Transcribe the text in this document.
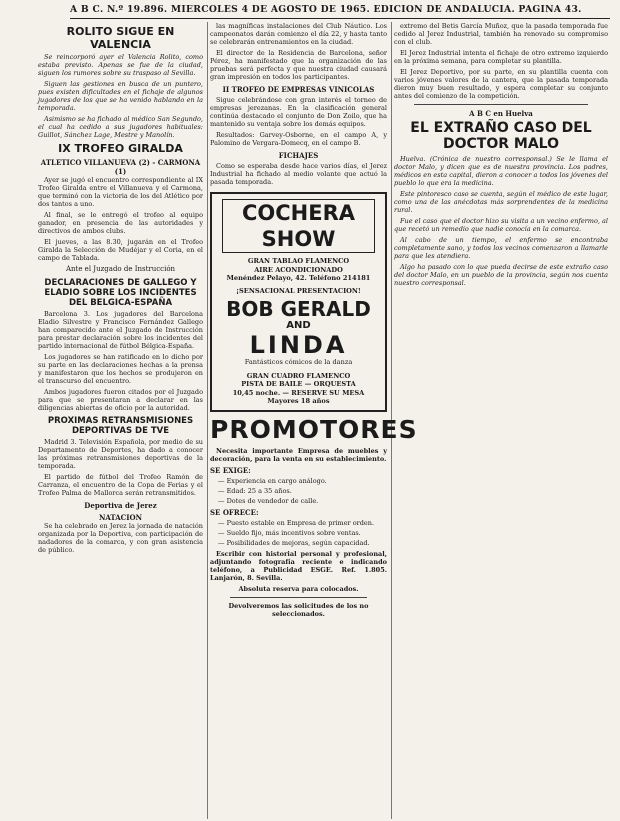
A B C. N.º 19.896. MIERCOLES 4 DE AGOSTO DE 1965. EDICION DE ANDALUCIA. PAGINA 43.
ROLITO SIGUE EN VALENCIA

Se reincorporó ayer el Valencia Rolito, como estaba previsto. Apenas se fue de la ciudad, siguen los rumores sobre su traspaso al Sevilla.

Siguen las gestiones en busca de un puntero, pues existen dificultades en el fichaje de algunos jugadores de los que se ha venido hablando en la temporada.

Asimismo se ha fichado al médico San Segundo, el cual ha cedido a sus jugadores habituales: Guillot, Sánchez Lage, Mestre y Manolín.

IX TROFEO GIRALDA
ATLETICO VILLANUEVA (2) - CARMONA (1)

Ayer se jugó el encuentro correspondiente al IX Trofeo Giralda entre el Villanueva y el Carmona, que terminó con la victoria de los del Atlético por dos tantos a uno.

Al final, se le entregó el trofeo al equipo ganador, en presencia de las autoridades y directivos de ambos clubs.

El jueves, a las 8.30, jugarán en el Trofeo Giralda la Selección de Mudéjar y el Coria, en el campo de Tablada.

Ante el Juzgado de Instrucción
DECLARACIONES DE GALLEGO Y ELADIO SOBRE LOS INCIDENTES DEL BELGICA-ESPAÑA

Barcelona 3. Los jugadores del Barcelona Eladio Silvestre y Francisco Fernández Gallego han comparecido ante el Juzgado de Instrucción para prestar declaración sobre los incidentes del partido internacional de fútbol Bélgica-España.

Los jugadores se han ratificado en lo dicho por su parte en las declaraciones hechas a la prensa y manifestaron que los hechos se produjeron en el transcurso del encuentro.

Ambos jugadores fueron citados por el Juzgado para que se presentaran a declarar en las diligencias abiertas de oficio por la autoridad.

PROXIMAS RETRANSMISIONES DEPORTIVAS DE TVE

Madrid 3. Televisión Española, por medio de su Departamento de Deportes, ha dado a conocer las próximas retransmisiones deportivas de la temporada.

El partido de fútbol del Trofeo Ramón de Carranza, el encuentro de la Copa de Ferias y el Trofeo Palma de Mallorca serán retransmitidos.

Deportiva de Jerez
NATACION

Se ha celebrado en Jerez la jornada de natación organizada por la Deportiva, con participación de nadadores de la comarca, y con gran asistencia de público.

las magníficas instalaciones del Club Náutico. Los campeonatos darán comienzo el día 22, y hasta tanto se celebrarán entrenamientos en la ciudad.

El director de la Residencia de Barcelona, señor Pérez, ha manifestado que la organización de las pruebas será perfecta y que nuestra ciudad causará gran impresión en todos los participantes.

II TROFEO DE EMPRESAS VINICOLAS

Sigue celebrándose con gran interés el torneo de empresas jerezanas. En la clasificación general continúa destacado el conjunto de Don Zoilo, que ha mantenido su ventaja sobre los demás equipos.

Resultados: Garvey-Osborne, en el campo A, y Palomino de Vergara-Domecq, en el campo B.

FICHAJES

Como se esperaba desde hace varios días, el Jerez Industrial ha fichado al medio volante que actuó la pasada temporada.

COCHERA SHOW
GRAN TABLAO FLAMENCO
AIRE ACONDICIONADO
Menéndez Pelayo, 42. Teléfono 214181
¡SENSACIONAL PRESENTACION!
BOB GERALD
AND
LINDA
Fantásticos cómicos de la danza
GRAN CUADRO FLAMENCO
PISTA DE BAILE — ORQUESTA
10,45 noche. — RESERVE SU MESA
Mayores 18 años
PROMOTORES

Necesita importante Empresa de muebles y decoración, para la venta en su establecimiento.

SE EXIGE:
— Experiencia en cargo análogo.
— Edad: 25 a 35 años.
— Dotes de vendedor de calle.
SE OFRECE:
— Puesto estable en Empresa de primer orden.
— Sueldo fijo, más incentivos sobre ventas.
— Posibilidades de mejoras, según capacidad.

Escribir con historial personal y profesional, adjuntando fotografía reciente e indicando teléfono, a Publicidad ESGE. Ref. 1.805. Lanjarón, 8. Sevilla.

Absoluta reserva para colocados.
Devolveremos las solicitudes de los no seleccionados.

extremo del Betis García Muñoz, que la pasada temporada fue cedido al Jerez Industrial, también ha renovado su compromiso con el club.

El Jerez Industrial intenta el fichaje de otro extremo izquierdo en la próxima semana, para completar su plantilla.

El Jerez Deportivo, por su parte, en su plantilla cuenta con varios jóvenes valores de la cantera, que la pasada temporada dieron muy buen resultado, y espera completar su conjunto antes del comienzo de la competición.

A B C en Huelva
EL EXTRAÑO CASO DEL DOCTOR MALO

Huelva. (Crónica de nuestro corresponsal.) Se le llama el doctor Malo, y dicen que es de nuestra provincia. Los padres, médicos en esta capital, dieron a conocer a todos los jóvenes del pueblo lo que era la medicina.

Este pintoresco caso se cuenta, según el médico de este lugar, como una de las anécdotas más sorprendentes de la medicina rural.

Fue el caso que el doctor hizo su visita a un vecino enfermo, al que recetó un remedio que nadie conocía en la comarca.

Al cabo de un tiempo, el enfermo se encontraba completamente sano, y todos los vecinos comenzaron a llamarle para que les atendiera.

Algo ha pasado con lo que pueda decirse de este extraño caso del doctor Malo, en un pueblo de la provincia, según nos cuenta nuestro corresponsal.
